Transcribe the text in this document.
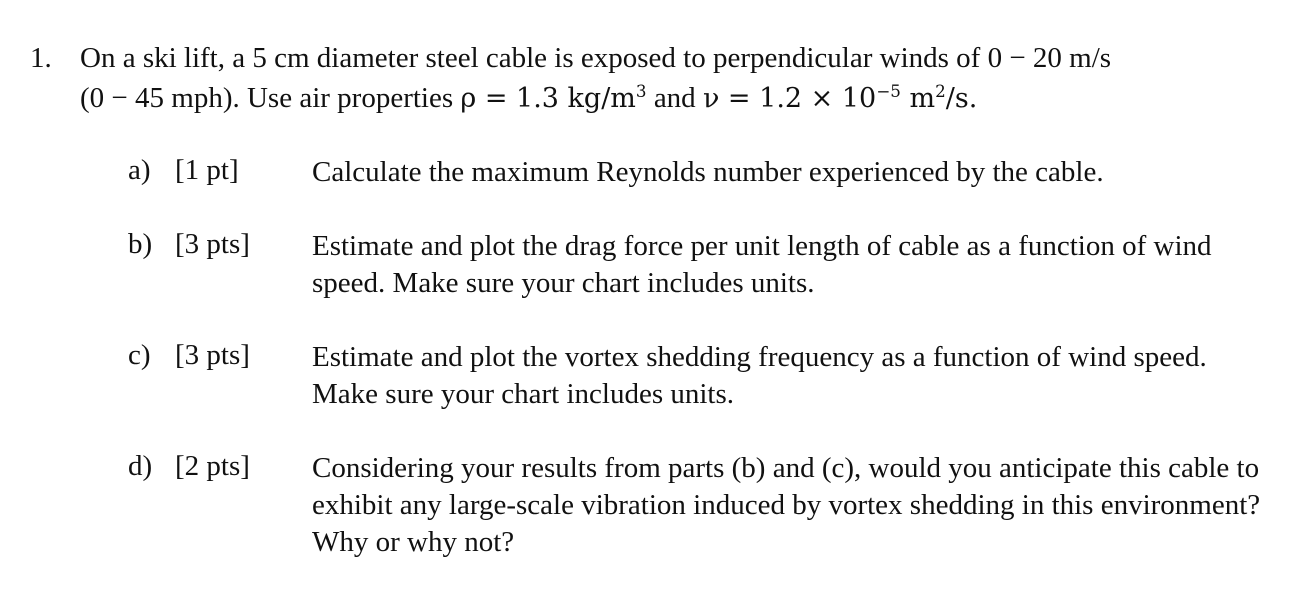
1. On a ski lift, a 5 cm diameter steel cable is exposed to perpendicular winds of 0 − 20 m/s
(0 − 45 mph). Use air properties ρ = 1.3 $kg/m^3$ and $\nu = 1.2 \times 10^{-5}$ $m^2/s$.
a) [1 pt]	Calculate the maximum Reynolds number experienced by the cable.
b) [3 pts] Estimate and plot the drag force per unit length of cable as a function of wind speed. Make sure your chart includes units.
c) [3 pts] Estimate and plot the vortex shedding frequency as a function of wind speed. Make sure your chart includes units.
d) [2 pts] Considering your results from parts (b) and (c), would you anticipate this cable to exhibit any large-scale vibration induced by vortex shedding in this environment? Why or why not?
